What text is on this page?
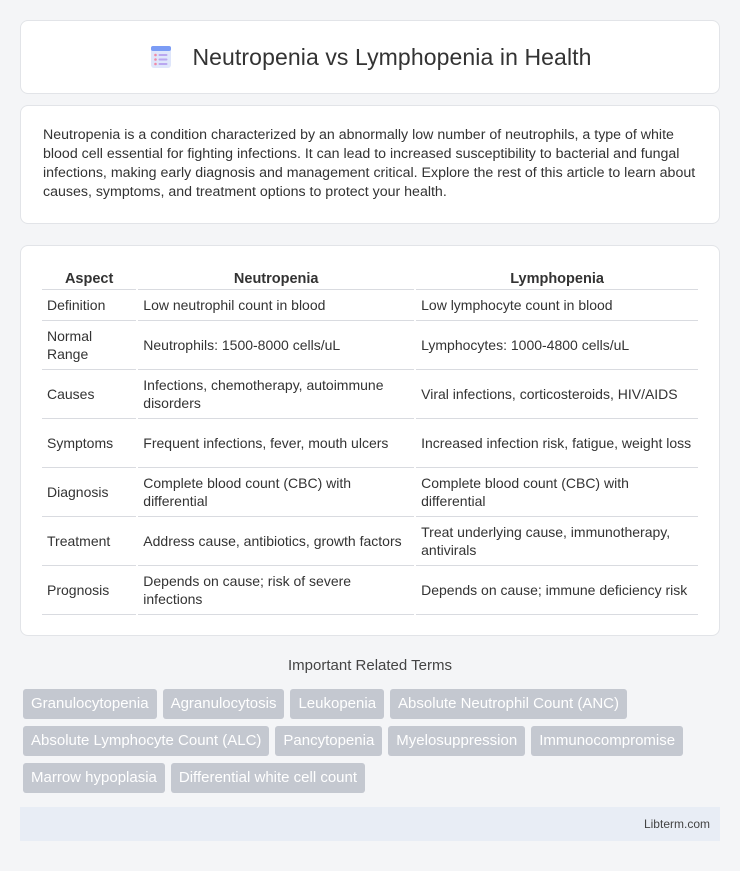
Neutropenia vs Lymphopenia in Health

Neutropenia is a condition characterized by an abnormally low number of neutrophils, a type of white blood cell essential for fighting infections. It can lead to increased susceptibility to bacterial and fungal infections, making early diagnosis and management critical. Explore the rest of this article to learn about causes, symptoms, and treatment options to protect your health.

Aspect	Neutropenia	Lymphopenia
Definition	Low neutrophil count in blood	Low lymphocyte count in blood
Normal Range	Neutrophils: 1500-8000 cells/uL	Lymphocytes: 1000-4800 cells/uL
Causes	Infections, chemotherapy, autoimmune disorders	Viral infections, corticosteroids, HIV/AIDS
Symptoms	Frequent infections, fever, mouth ulcers	Increased infection risk, fatigue, weight loss
Diagnosis	Complete blood count (CBC) with differential	Complete blood count (CBC) with differential
Treatment	Address cause, antibiotics, growth factors	Treat underlying cause, immunotherapy, antivirals
Prognosis	Depends on cause; risk of severe infections	Depends on cause; immune deficiency risk
Important Related Terms
Granulocytopenia	Agranulocytosis	Leukopenia	Absolute Neutrophil Count (ANC)
Absolute Lymphocyte Count (ALC)	Pancytopenia	Myelosuppression	Immunocompromise
Marrow hypoplasia	Differential white cell count
Libterm.com
